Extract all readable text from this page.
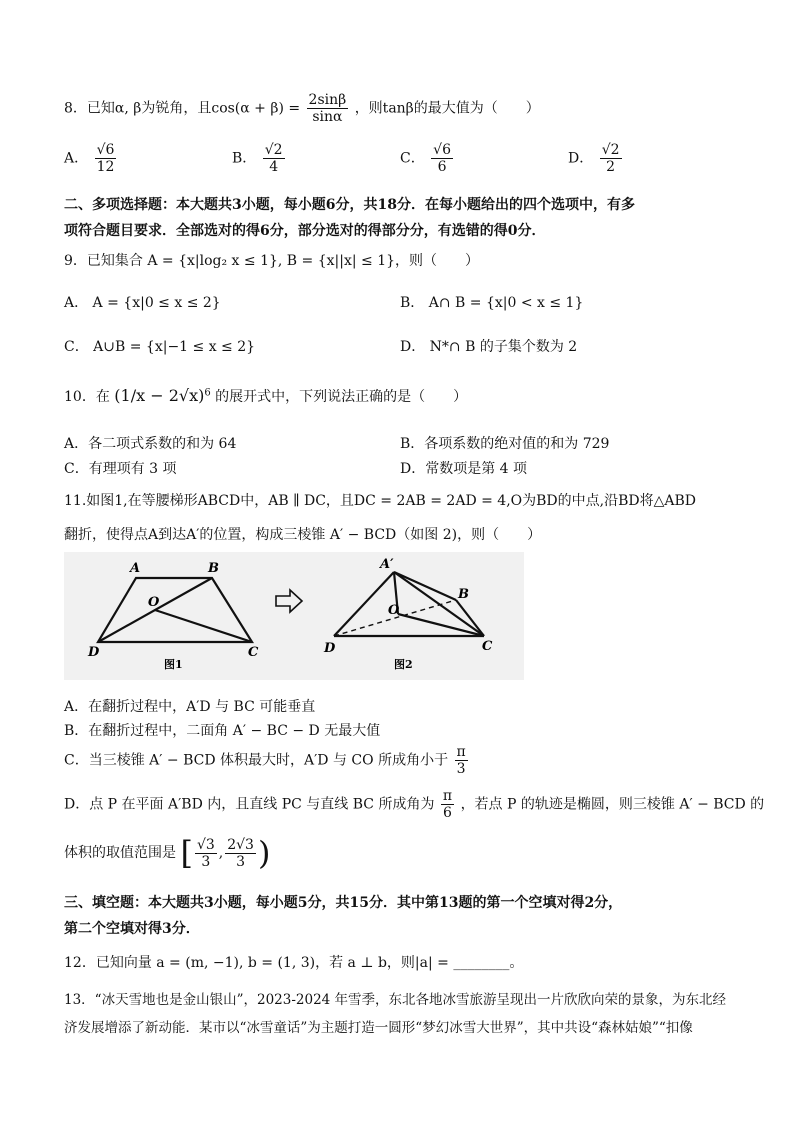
8．已知α, β为锐角，且$\cos(\alpha + \beta) = \frac{2\sin\beta}{\sin\alpha}$ ，则tanβ的最大值为（　　）
A． $\frac{√6}{12}$	B． $\frac{√2}{4}$	C． $\frac{√6}{6}$	D． $\frac{√2}{2}$
二、多项选择题：本大题共3小题，每小题6分，共18分．在每小题给出的四个选项中，有多
项符合题目要求．全部选对的得6分，部分选对的得部分分，有选错的得0分．
9．已知集合 A = {x|log₂ x ≤ 1}, B = {x||x| ≤ 1}，则（　　）
A． A = {x|0 ≤ x ≤ 2}	B． A∩ B = {x|0 < x ≤ 1}
C． A∪B = {x|−1 ≤ x ≤ 2}	D． N*∩ B 的子集个数为 2
10．在 $(1/x - 2√x)^6$ 的展开式中，下列说法正确的是（　　）
A．各二项式系数的和为 64	B．各项系数的绝对值的和为 729
C．有理项有 3 项	D．常数项是第 4 项
11.如图1,在等腰梯形ABCD中，AB ∥ DC，且DC = 2AB = 2AD = 4,O为BD的中点,沿BD将△ABD
翻折，使得点A到达A′的位置，构成三棱锥 A′ − BCD（如图 2)，则（　　）
A	B
O
D	C
图1
A′
B
O
D	C
图2
A．在翻折过程中，A′D 与 BC 可能垂直
B．在翻折过程中，二面角 A′ − BC − D 无最大值
C．当三棱锥 A′ − BCD 体积最大时，A′D 与 CO 所成角小于 $\frac{\pi}{3}$
D．点 P 在平面 A′BD 内，且直线 PC 与直线 BC 所成角为 $\frac{\pi}{6}$ ，若点 P 的轨迹是椭圆，则三棱锥 A′ − BCD 的
体积的取值范围是 [ $\frac{√3}{3}$ , $\frac{2√3}{3}$ )
三、填空题：本大题共3小题，每小题5分，共15分．其中第13题的第一个空填对得2分，
第二个空填对得3分．
12．已知向量 a = (m, −1), b = (1, 3)，若 a ⊥ b，则|a| = ________。
13．“冰天雪地也是金山银山”，2023-2024 年雪季，东北各地冰雪旅游呈现出一片欣欣向荣的景象，为东北经
济发展增添了新动能．某市以“冰雪童话”为主题打造一圆形“梦幻冰雪大世界”，其中共设“森林姑娘”“扣像
